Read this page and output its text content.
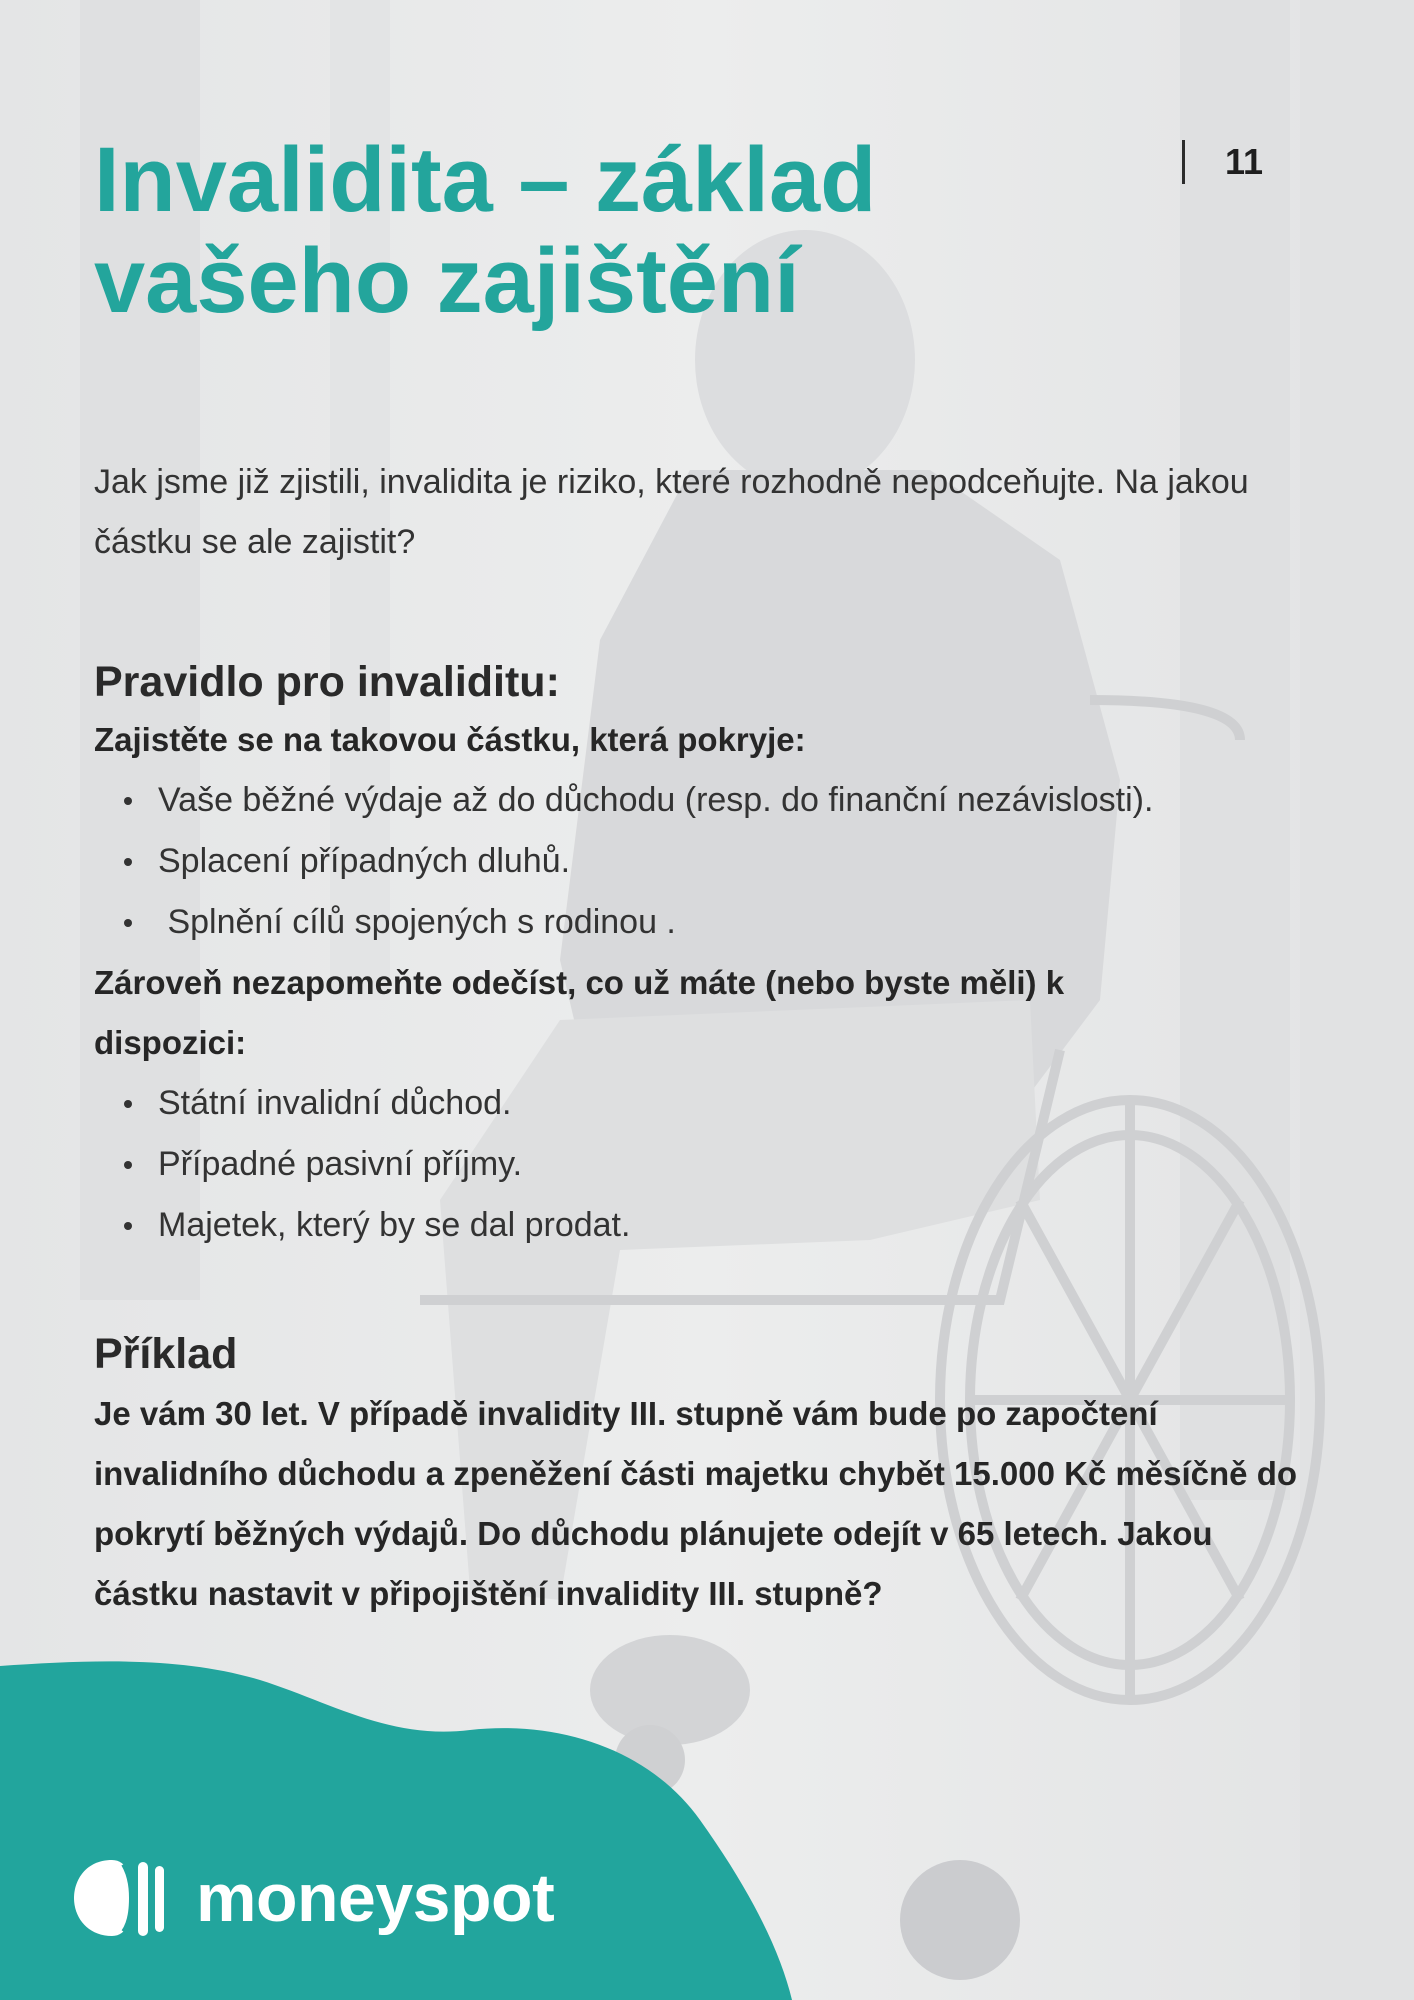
11
Invalidita – základ vašeho zajištění

Jak jsme již zjistili, invalidita je riziko, které rozhodně nepodceňujte. Na jakou částku se ale zajistit?

Pravidlo pro invaliditu:

Zajistěte se na takovou částku, která pokryje:

Vaše běžné výdaje až do důchodu (resp. do finanční nezávislosti).
Splacení případných dluhů.
Splnění cílů spojených s rodinou .

Zároveň nezapomeňte odečíst, co už máte (nebo byste měli) k dispozici:

Státní invalidní důchod.
Případné pasivní příjmy.
Majetek, který by se dal prodat.
Příklad

Je vám 30 let. V případě invalidity III. stupně vám bude po započtení invalidního důchodu a zpeněžení části majetku chybět 15.000 Kč měsíčně do pokrytí běžných výdajů. Do důchodu plánujete odejít v 65 letech. Jakou částku nastavit v připojištění invalidity III. stupně?

moneyspot
